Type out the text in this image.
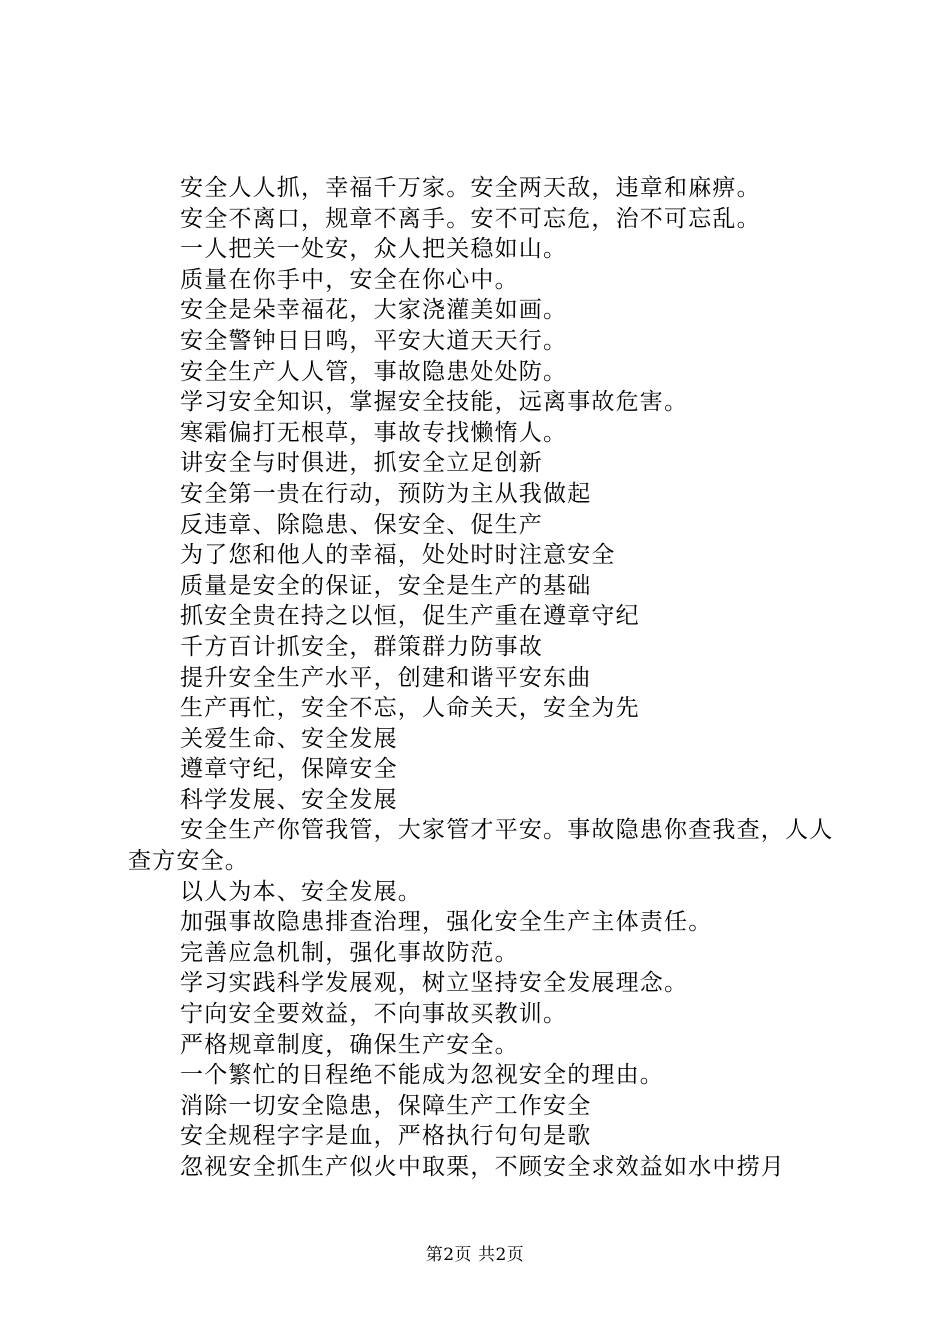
安全人人抓，幸福千万家。安全两天敌，违章和麻痹。

安全不离口，规章不离手。安不可忘危，治不可忘乱。

一人把关一处安，众人把关稳如山。

质量在你手中，安全在你心中。

安全是朵幸福花，大家浇灌美如画。

安全警钟日日鸣，平安大道天天行。

安全生产人人管，事故隐患处处防。

学习安全知识，掌握安全技能，远离事故危害。

寒霜偏打无根草，事故专找懒惰人。

讲安全与时俱进，抓安全立足创新

安全第一贵在行动，预防为主从我做起

反违章、除隐患、保安全、促生产

为了您和他人的幸福，处处时时注意安全

质量是安全的保证，安全是生产的基础

抓安全贵在持之以恒，促生产重在遵章守纪

千方百计抓安全，群策群力防事故

提升安全生产水平，创建和谐平安东曲

生产再忙，安全不忘，人命关天，安全为先

关爱生命、安全发展

遵章守纪，保障安全

科学发展、安全发展

安全生产你管我管，大家管才平安。事故隐患你查我查，人人查方安全。

以人为本、安全发展。

加强事故隐患排查治理，强化安全生产主体责任。

完善应急机制，强化事故防范。

学习实践科学发展观，树立坚持安全发展理念。

宁向安全要效益，不向事故买教训。

严格规章制度，确保生产安全。

一个繁忙的日程绝不能成为忽视安全的理由。

消除一切安全隐患，保障生产工作安全

安全规程字字是血，严格执行句句是歌

忽视安全抓生产似火中取栗，不顾安全求效益如水中捞月

第2页 共2页
